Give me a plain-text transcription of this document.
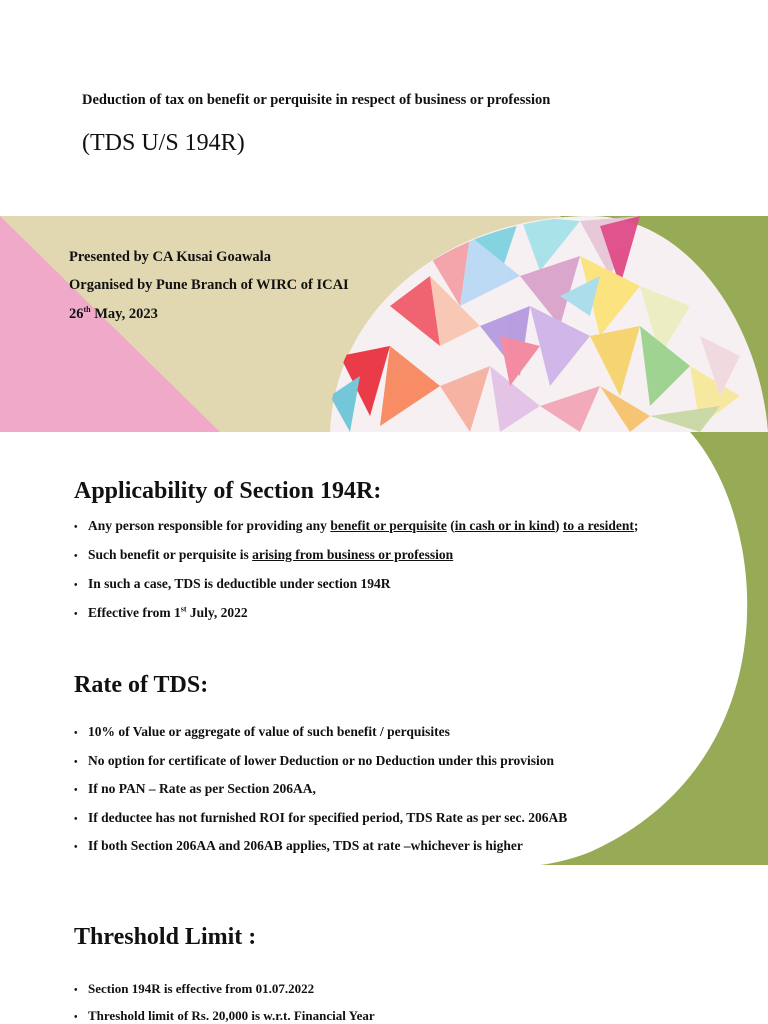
Deduction of tax on benefit or perquisite in respect of business or profession
(TDS U/S 194R)
Presented by CA Kusai Goawala
Organised by Pune Branch of WIRC of ICAI
26th May, 2023
Applicability of Section 194R:
• Any person responsible for providing any benefit or perquisite (in cash or in kind) to a resident;
• Such benefit or perquisite is arising from business or profession
• In such a case, TDS is deductible under section 194R
• Effective from 1st July, 2022
Rate of TDS:
• 10% of Value or aggregate of value of such benefit / perquisites
• No option for certificate of lower Deduction or no Deduction under this provision
• If no PAN – Rate as per Section 206AA,
• If deductee has not furnished ROI for specified period, TDS Rate as per sec. 206AB
• If both Section 206AA and 206AB applies, TDS at rate –whichever is higher
Threshold Limit :
• Section 194R is effective from 01.07.2022
• Threshold limit of Rs. 20,000 is w.r.t. Financial Year
